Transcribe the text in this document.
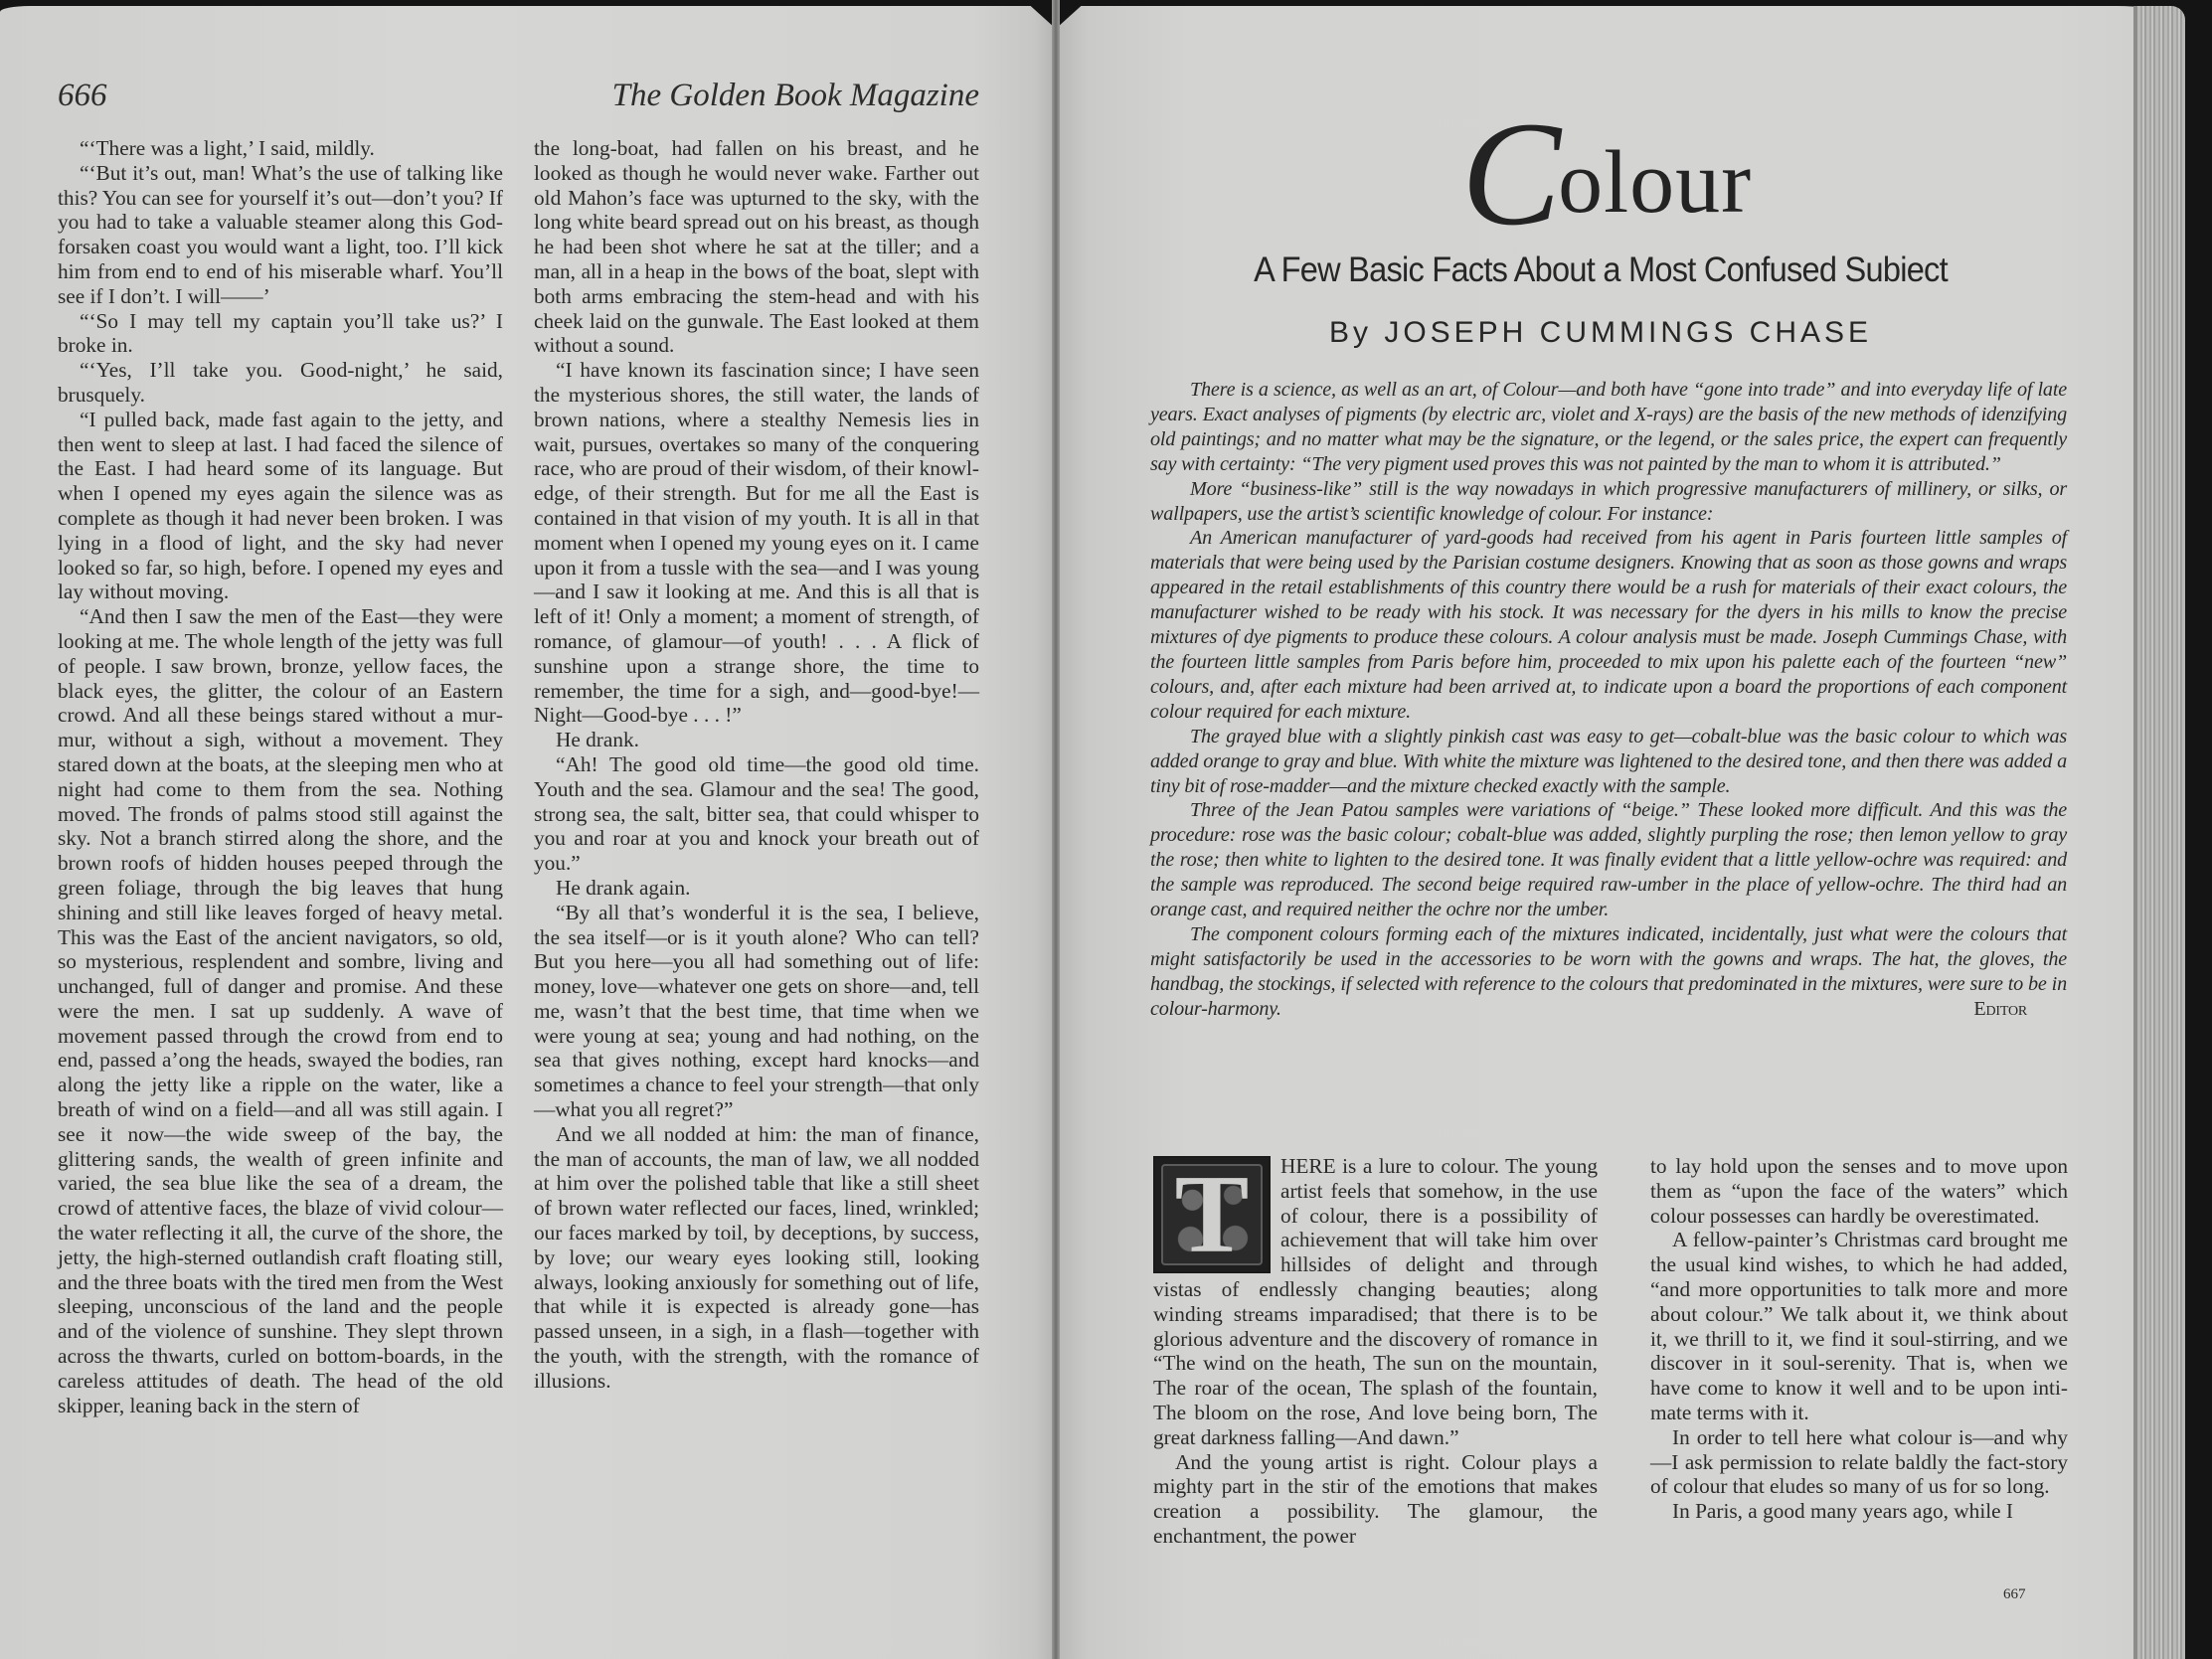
666	The Golden Book Magazine

“‘There was a light,’ I said, mildly.

“‘But it’s out, man! What’s the use of talking like this? You can see for yourself it’s out—don’t you? If you had to take a valuable steamer along this God-forsaken coast you would want a light, too. I’ll kick him from end to end of his miserable wharf. You’ll see if I don’t. I will——’

“‘So I may tell my captain you’ll take us?’ I broke in.

“‘Yes, I’ll take you. Good-night,’ he said, brusquely.

“I pulled back, made fast again to the jetty, and then went to sleep at last. I had faced the silence of the East. I had heard some of its language. But when I opened my eyes again the silence was as complete as though it had never been broken. I was lying in a flood of light, and the sky had never looked so far, so high, before. I opened my eyes and lay without moving.

“And then I saw the men of the East—they were looking at me. The whole length of the jetty was full of people. I saw brown, bronze, yellow faces, the black eyes, the glitter, the colour of an Eastern crowd. And all these beings stared without a murmur, without a sigh, without a movement. They stared down at the boats, at the sleeping men who at night had come to them from the sea. Nothing moved. The fronds of palms stood still against the sky. Not a branch stirred along the shore, and the brown roofs of hidden houses peeped through the green foliage, through the big leaves that hung shining and still like leaves forged of heavy metal. This was the East of the ancient navigators, so old, so mysterious, resplendent and sombre, living and unchanged, full of danger and promise. And these were the men. I sat up suddenly. A wave of movement passed through the crowd from end to end, passed a’ong the heads, swayed the bodies, ran along the jetty like a ripple on the water, like a breath of wind on a field—and all was still again. I see it now—the wide sweep of the bay, the glittering sands, the wealth of green infinite and varied, the sea blue like the sea of a dream, the crowd of attentive faces, the blaze of vivid colour—the water reflecting it all, the curve of the shore, the jetty, the high-sterned outlandish craft floating still, and the three boats with the tired men from the West sleeping, unconscious of the land and the people and of the violence of sunshine. They slept thrown across the thwarts, curled on bottom-boards, in the careless attitudes of death. The head of the old skipper, leaning back in the stern of

the long-boat, had fallen on his breast, and he looked as though he would never wake. Farther out old Mahon’s face was upturned to the sky, with the long white beard spread out on his breast, as though he had been shot where he sat at the tiller; and a man, all in a heap in the bows of the boat, slept with both arms embracing the stem-head and with his cheek laid on the gunwale. The East looked at them without a sound.

“I have known its fascination since; I have seen the mysterious shores, the still water, the lands of brown nations, where a stealthy Nemesis lies in wait, pursues, overtakes so many of the conquering race, who are proud of their wisdom, of their knowledge, of their strength. But for me all the East is contained in that vision of my youth. It is all in that moment when I opened my young eyes on it. I came upon it from a tussle with the sea—and I was young—and I saw it looking at me. And this is all that is left of it! Only a moment; a moment of strength, of romance, of glamour—of youth! . . . A flick of sunshine upon a strange shore, the time to remember, the time for a sigh, and—good-bye!—Night—Good-bye . . . !”

He drank.

“Ah! The good old time—the good old time. Youth and the sea. Glamour and the sea! The good, strong sea, the salt, bitter sea, that could whisper to you and roar at you and knock your breath out of you.”

He drank again.

“By all that’s wonderful it is the sea, I believe, the sea itself—or is it youth alone? Who can tell? But you here—you all had something out of life: money, love—whatever one gets on shore—and, tell me, wasn’t that the best time, that time when we were young at sea; young and had nothing, on the sea that gives nothing, except hard knocks—and sometimes a chance to feel your strength—that only—what you all regret?”

And we all nodded at him: the man of finance, the man of accounts, the man of law, we all nodded at him over the polished table that like a still sheet of brown water reflected our faces, lined, wrinkled; our faces marked by toil, by deceptions, by success, by love; our weary eyes looking still, looking always, looking anxiously for something out of life, that while it is expected is already gone—has passed unseen, in a sigh, in a flash—together with the youth, with the strength, with the romance of illusions.

Colour
A Few Basic Facts About a Most Confused Subiect
By JOSEPH CUMMINGS CHASE

There is a science, as well as an art, of Colour—and both have “gone into trade” and into everyday life of late years. Exact analyses of pigments (by electric arc, violet and X-rays) are the basis of the new methods of idenzifying old paintings; and no matter what may be the signature, or the legend, or the sales price, the expert can frequently say with certainty: “The very pigment used proves this was not painted by the man to whom it is attributed.”

More “business-like” still is the way nowadays in which progressive manufacturers of millinery, or silks, or wallpapers, use the artist’s scientific knowledge of colour. For instance:

An American manufacturer of yard-goods had received from his agent in Paris fourteen little samples of materials that were being used by the Parisian costume designers. Knowing that as soon as those gowns and wraps appeared in the retail establishments of this country there would be a rush for materials of their exact colours, the manufacturer wished to be ready with his stock. It was necessary for the dyers in his mills to know the precise mixtures of dye pigments to produce these colours. A colour analysis must be made. Joseph Cummings Chase, with the fourteen little samples from Paris before him, proceeded to mix upon his palette each of the fourteen “new” colours, and, after each mixture had been arrived at, to indicate upon a board the proportions of each component colour required for each mixture.

The grayed blue with a slightly pinkish cast was easy to get—cobalt-blue was the basic colour to which was added orange to gray and blue. With white the mixture was lightened to the desired tone, and then there was added a tiny bit of rose-madder—and the mixture checked exactly with the sample.

Three of the Jean Patou samples were variations of “beige.” These looked more difficult. And this was the procedure: rose was the basic colour; cobalt-blue was added, slightly purpling the rose; then lemon yellow to gray the rose; then white to lighten to the desired tone. It was finally evident that a little yellow-ochre was required: and the sample was reproduced. The second beige required raw-umber in the place of yellow-ochre. The third had an orange cast, and required neither the ochre nor the umber.

The component colours forming each of the mixtures indicated, incidentally, just what were the colours that might satisfactorily be used in the accessories to be worn with the gowns and wraps. The hat, the gloves, the handbag, the stockings, if selected with reference to the colours that predominated in the mixtures, were sure to be in colour-harmony.	Editor

T	HERE is a lure to colour. The young artist feels that somehow, in the use of colour, there is a possibility of achievement that will take him over hillsides of delight and through vistas of endlessly changing beauties; along winding streams imparadised; that there is to be glorious adventure and the discovery of romance in “The wind on the heath, The sun on the mountain, The roar of the ocean, The splash of the fountain, The bloom on the rose, And love being born, The great darkness falling—And dawn.”

And the young artist is right. Colour plays a mighty part in the stir of the emotions that makes creation a possibility. The glamour, the enchantment, the power

to lay hold upon the senses and to move upon them as “upon the face of the waters” which colour possesses can hardly be overestimated.

A fellow-painter’s Christmas card brought me the usual kind wishes, to which he had added, “and more opportunities to talk more and more about colour.” We talk about it, we think about it, we thrill to it, we find it soul-stirring, and we discover in it soul-serenity. That is, when we have come to know it well and to be upon intimate terms with it.

In order to tell here what colour is—and why—I ask permission to relate baldly the fact-story of colour that eludes so many of us for so long.

In Paris, a good many years ago, while I

667
